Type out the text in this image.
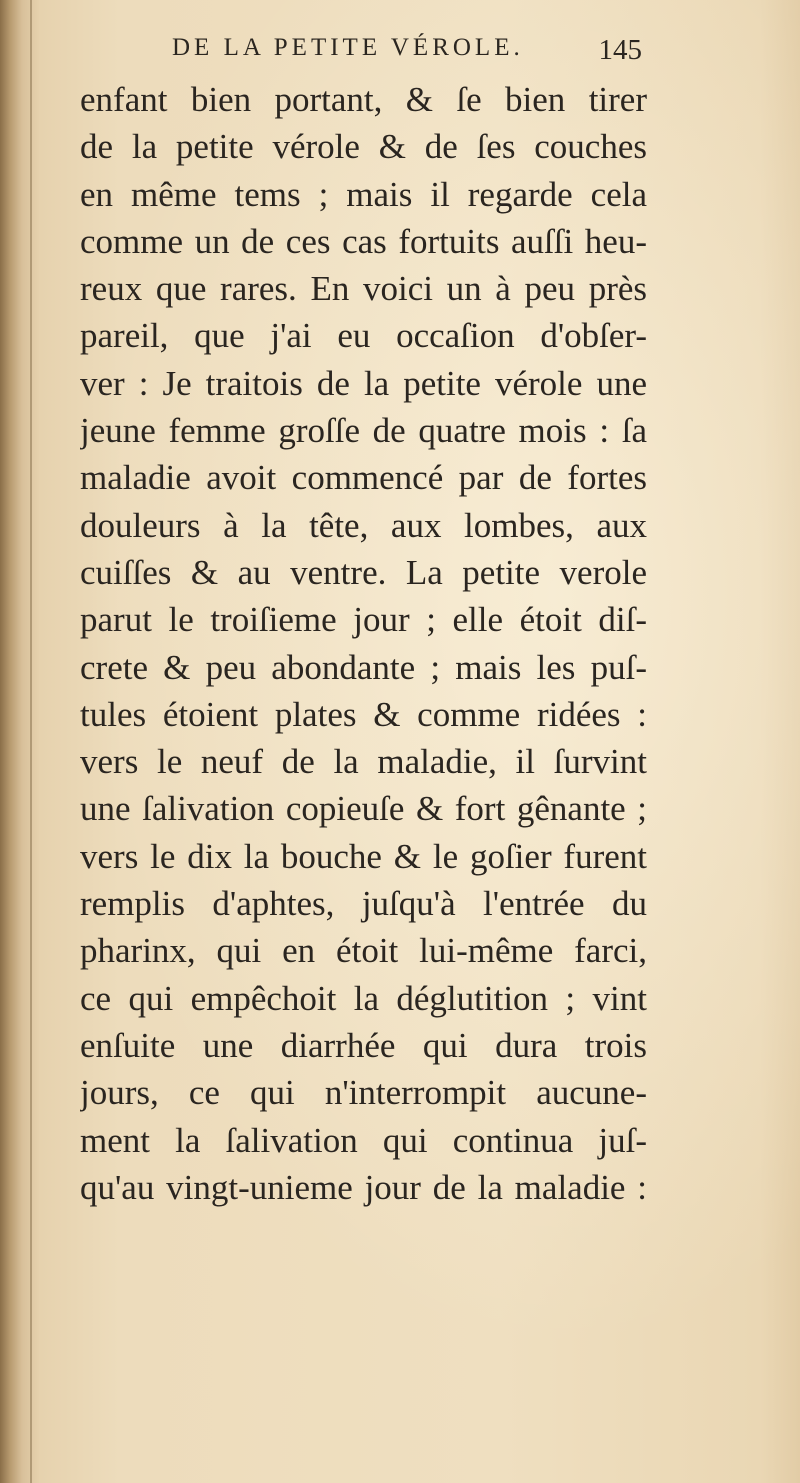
DE LA PETITE VÉROLE.	145
enfant bien portant, & ſe bien tirer
de la petite vérole & de ſes couches
en même tems ; mais il regarde cela
comme un de ces cas fortuits auſſi heu-
reux que rares. En voici un à peu près
pareil, que j'ai eu occaſion d'obſer-
ver : Je traitois de la petite vérole une
jeune femme groſſe de quatre mois : ſa
maladie avoit commencé par de fortes
douleurs à la tête, aux lombes, aux
cuiſſes & au ventre. La petite verole
parut le troiſieme jour ; elle étoit diſ-
crete & peu abondante ; mais les puſ-
tules étoient plates & comme ridées :
vers le neuf de la maladie, il ſurvint
une ſalivation copieuſe & fort gênante ;
vers le dix la bouche & le goſier furent
remplis d'aphtes, juſqu'à l'entrée du
pharinx, qui en étoit lui-même farci,
ce qui empêchoit la déglutition ; vint
enſuite une diarrhée qui dura trois
jours, ce qui n'interrompit aucune-
ment la ſalivation qui continua juſ-
qu'au vingt-unieme jour de la maladie :
